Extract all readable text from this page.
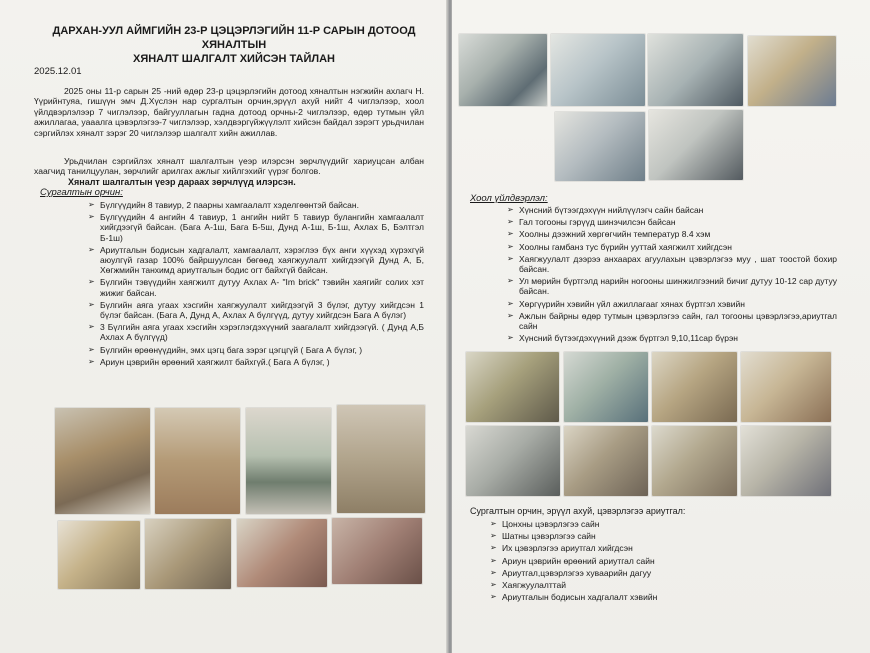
ДАРХАН-УУЛ АЙМГИЙН 23-Р ЦЭЦЭРЛЭГИЙН 11-Р САРЫН ДОТООД ХЯНАЛТЫН
ХЯНАЛТ ШАЛГАЛТ ХИЙСЭН ТАЙЛАН
2025.12.01
2025 оны 11-р сарын 25 -ний өдөр 23-р цэцэрлэгийн дотоод хяналтын нэгжийн ахлагч Н. Үүрийнтуяа, гишүүн эмч Д.Хүслэн нар сургалтын орчин,эрүүл ахуй нийт 4 чиглэлээр, хоол үйлдвэрлэлээр 7 чиглэлээр, байгууллагын гадна дотоод орчны-2 чиглэлээр, өдөр тутмын үйл ажиллагаа, уааалга цэвэрлэгээ-7 чиглэлээр, хэлдвэргүйжүүлэлт хийсэн байдал зэрэгт урьдчилан сэргийлэх хяналт зэрэг 20 чиглэлээр шалгалт хийн ажиллав.
Урьдчилан сэргийлэх хяналт шалгалтын үеэр илэрсэн зөрчлүүдийг хариуцсан албан хаагчид танилцуулан, зөрчлийг арилгах ажлыг хийлгэхийг үүрэг болгов.
Хяналт шалгалтын үеэр дараах зөрчлүүд илэрсэн.
Сургалтын орчин:
➢ Бүлгүүдийн 8 тавиур, 2 паарны хамгаалалт хэделгөөнтэй байсан.
➢ Бүлгүүдийн 4 ангийн 4 тавиур, 1 ангийн нийт 5 тавиур булангийн хамгаалалт хийгдээгүй байсан. (Бага А-1ш, Бага Б-5ш, Дунд А-1ш, Б-1ш, Ахлах Б, Бэлтгэл Б-1ш)
➢ Ариутгалын бодисын хадгалалт, хамгаалалт, хэрэглээ бүх анги хүүхэд хүрэхгүй аюулгүй газар 100% байршуулсан бөгөөд хаягжуулалт хийгдээгүй Дунд А, Б, Хөгжмийн танхимд ариутгалын бодис огт байхгүй байсан.
➢ Бүлгийн тэвүүдийн хаягжилт дутуу Ахлах А- "Im brick" тэвийн хаягийг солих хэт жижиг байсан.
➢ Бүлгийн аяга угаах хэсгийн хаягжуулалт хийгдээгүй 3 бүлэг, дутуу хийгдсэн 1 бүлэг байсан. (Бага А, Дунд А, Ахлах А бүлгүүд, дутуу хийгдсэн Бага А бүлэг)
➢ 3 Бүлгийн аяга угаах хэсгийн хэрэглэгдэхүүний заагалалт хийгдээгүй. ( Дунд А,Б Ахлах А бүлгүүд)
➢ Бүлгийн өрөөнүүдийн, эмх цэгц бага зэрэг цэгцгүй ( Бага А бүлэг, )
➢ Ариун цэврийн өрөөний хаягжилт байхгүй.( Бага А бүлэг, )
Хоол үйлдвэрлэл:
➢ Хүнсний бүтээгдэхүүн нийлүүлэгч сайн байсан
➢ Гал тогооны гэрүүд шинэчилсэн байсан
➢ Хоолны дээжний хөргөгчийн температур 8.4 хэм
➢ Хоолны гамбанз тус бүрийн ууттай хаягжилт хийгдсэн
➢ Хаягжуулалт дээрээ анхаарах агуулахын цэвэрлэгээ муу , шат тоостой бохир байсан.
➢ Ул мөрийн бүртгэлд нарийн ногооны шинжилгээний бичиг дутуу 10-12 сар дутуу байсан.
➢ Хөргүүрийн хэвийн үйл ажиллагааг хянах бүртгэл хэвийн
➢ Ажлын байрны өдөр тутмын цэвэрлэгээ сайн, гал тогооны цэвэрлэгээ,ариутгал сайн
➢ Хүнсний бүтээгдэхүүний дээж бүртгэл 9,10,11сар бүрэн
Сургалтын орчин, эрүүл ахуй, цэвэрлэгээ ариутгал:
➢ Цонхны цэвэрлэгээ сайн
➢ Шатны цэвэрлэгээ сайн
➢ Их цэвэрлэгээ ариутгал хийгдсэн
➢ Ариун цэврийн өрөөний ариутгал сайн
➢ Ариутгал,цэвэрлэгээ хуваарийн дагуу
➢ Хаягжуулалттай
➢ Ариутгалын бодисын хадгалалт хэвийн
